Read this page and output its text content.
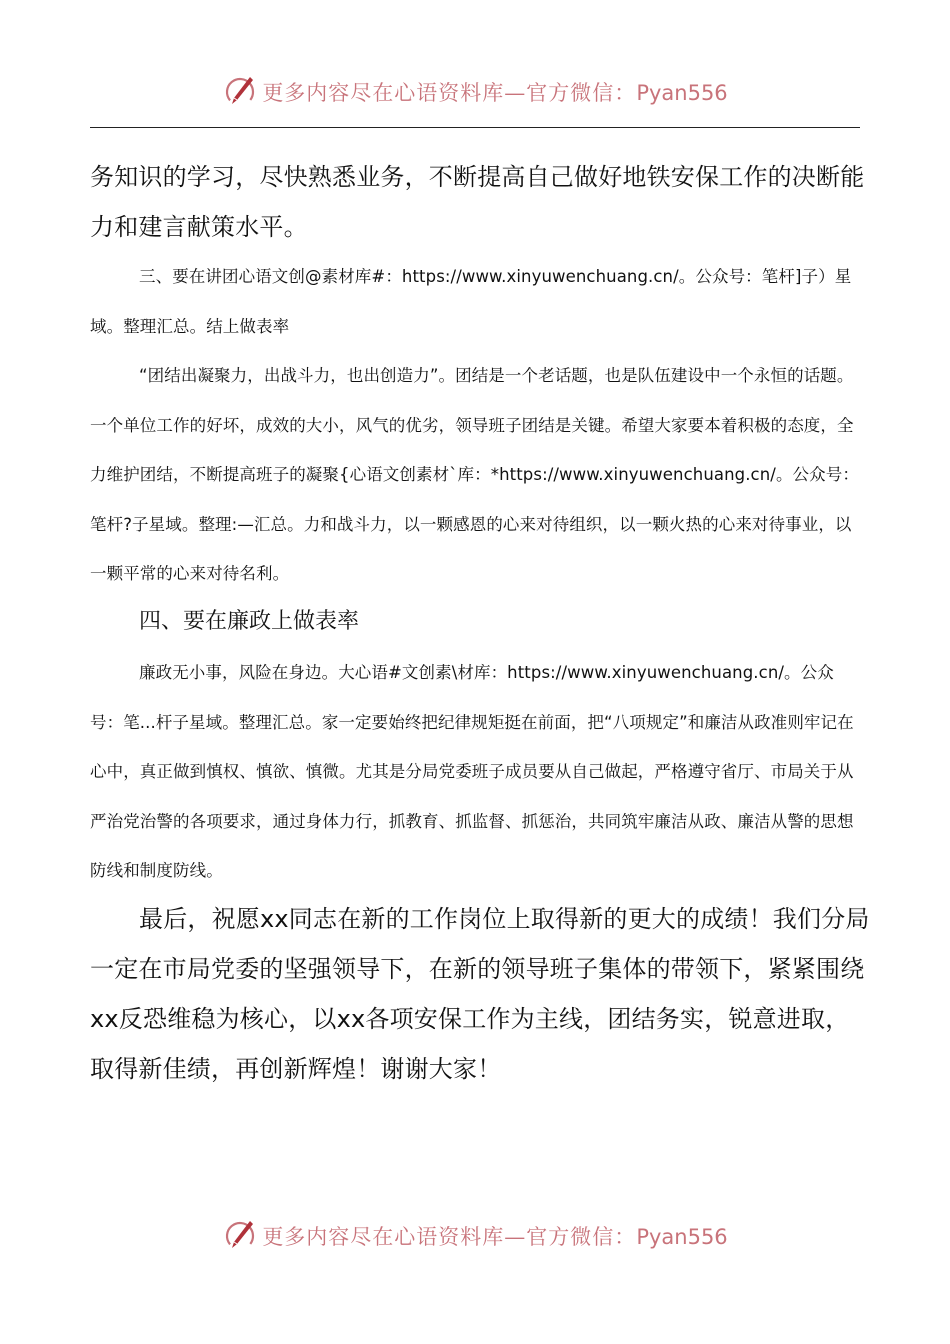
更多内容尽在心语资料库—官方微信：Pyan556
务知识的学习，尽快熟悉业务，不断提高自己做好地铁安保工作的决断能力和建言献策水平。
三、要在讲团心语文创@素材库#：https://www.xinyuwenchuang.cn/。公众号：笔杆]子）星域。整理汇总。结上做表率
“团结出凝聚力，出战斗力，也出创造力”。团结是一个老话题，也是队伍建设中一个永恒的话题。一个单位工作的好坏，成效的大小，风气的优劣，领导班子团结是关键。希望大家要本着积极的态度，全力维护团结，不断提高班子的凝聚{心语文创素材`库：*https://www.xinyuwenchuang.cn/。公众号：笔杆?子星域。整理:—汇总。力和战斗力，以一颗感恩的心来对待组织，以一颗火热的心来对待事业，以一颗平常的心来对待名利。
四、要在廉政上做表率
廉政无小事，风险在身边。大心语#文创素\材库：https://www.xinyuwenchuang.cn/。公众号：笔...杆子星域。整理汇总。家一定要始终把纪律规矩挺在前面，把“八项规定”和廉洁从政准则牢记在心中，真正做到慎权、慎欲、慎微。尤其是分局党委班子成员要从自己做起，严格遵守省厅、市局关于从严治党治警的各项要求，通过身体力行，抓教育、抓监督、抓惩治，共同筑牢廉洁从政、廉洁从警的思想防线和制度防线。
最后，祝愿xx同志在新的工作岗位上取得新的更大的成绩！我们分局一定在市局党委的坚强领导下，在新的领导班子集体的带领下，紧紧围绕xx反恐维稳为核心，以xx各项安保工作为主线，团结务实，锐意进取，取得新佳绩，再创新辉煌！谢谢大家！
更多内容尽在心语资料库—官方微信：Pyan556
